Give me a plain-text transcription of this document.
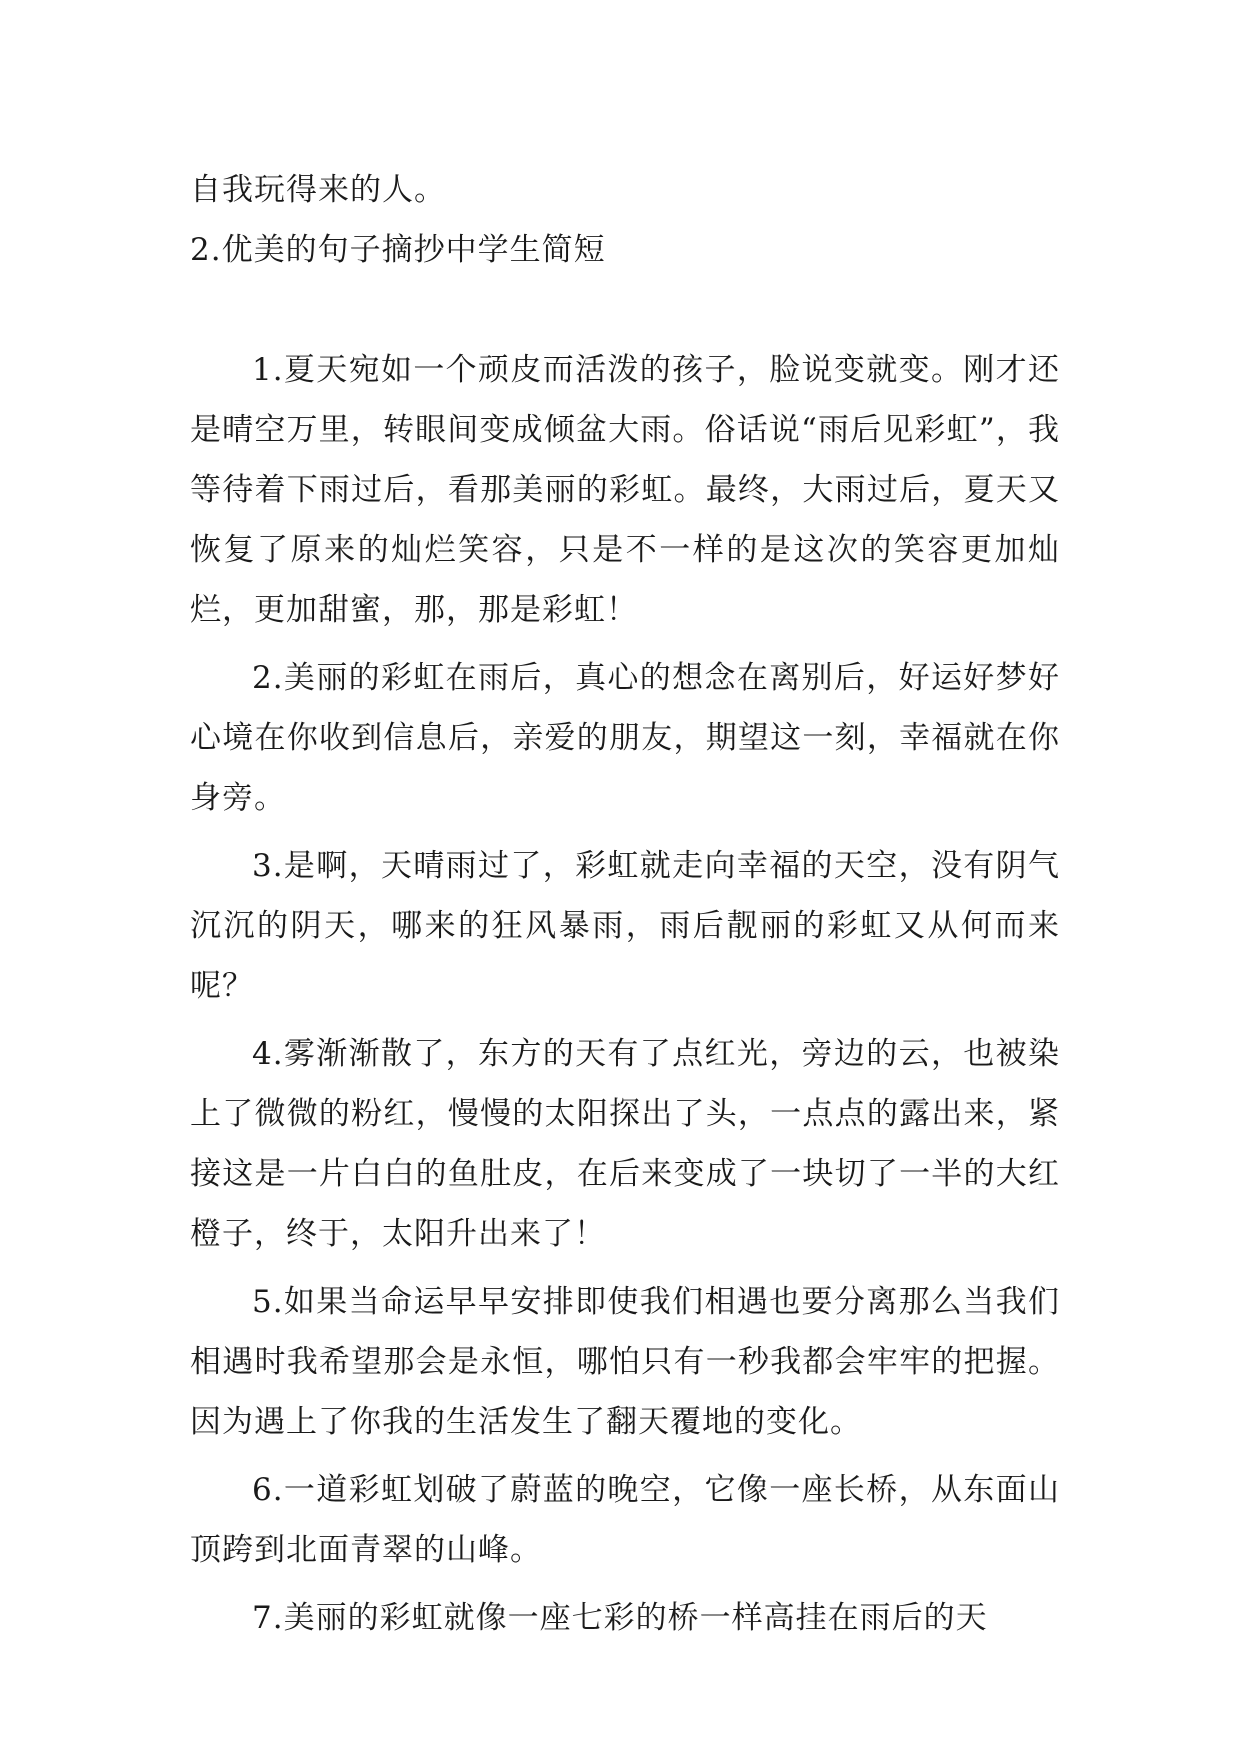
自我玩得来的人。

2.优美的句子摘抄中学生简短

1.夏天宛如一个顽皮而活泼的孩子，脸说变就变。刚才还是晴空万里，转眼间变成倾盆大雨。俗话说“雨后见彩虹”，我等待着下雨过后，看那美丽的彩虹。最终，大雨过后，夏天又恢复了原来的灿烂笑容，只是不一样的是这次的笑容更加灿烂，更加甜蜜，那，那是彩虹！

2.美丽的彩虹在雨后，真心的想念在离别后，好运好梦好心境在你收到信息后，亲爱的朋友，期望这一刻，幸福就在你身旁。

3.是啊，天晴雨过了，彩虹就走向幸福的天空，没有阴气沉沉的阴天，哪来的狂风暴雨，雨后靓丽的彩虹又从何而来呢？

4.雾渐渐散了，东方的天有了点红光，旁边的云，也被染上了微微的粉红，慢慢的太阳探出了头，一点点的露出来，紧接这是一片白白的鱼肚皮，在后来变成了一块切了一半的大红橙子，终于，太阳升出来了！

5.如果当命运早早安排即使我们相遇也要分离那么当我们相遇时我希望那会是永恒，哪怕只有一秒我都会牢牢的把握。因为遇上了你我的生活发生了翻天覆地的变化。

6.一道彩虹划破了蔚蓝的晚空，它像一座长桥，从东面山顶跨到北面青翠的山峰。

7.美丽的彩虹就像一座七彩的桥一样高挂在雨后的天
